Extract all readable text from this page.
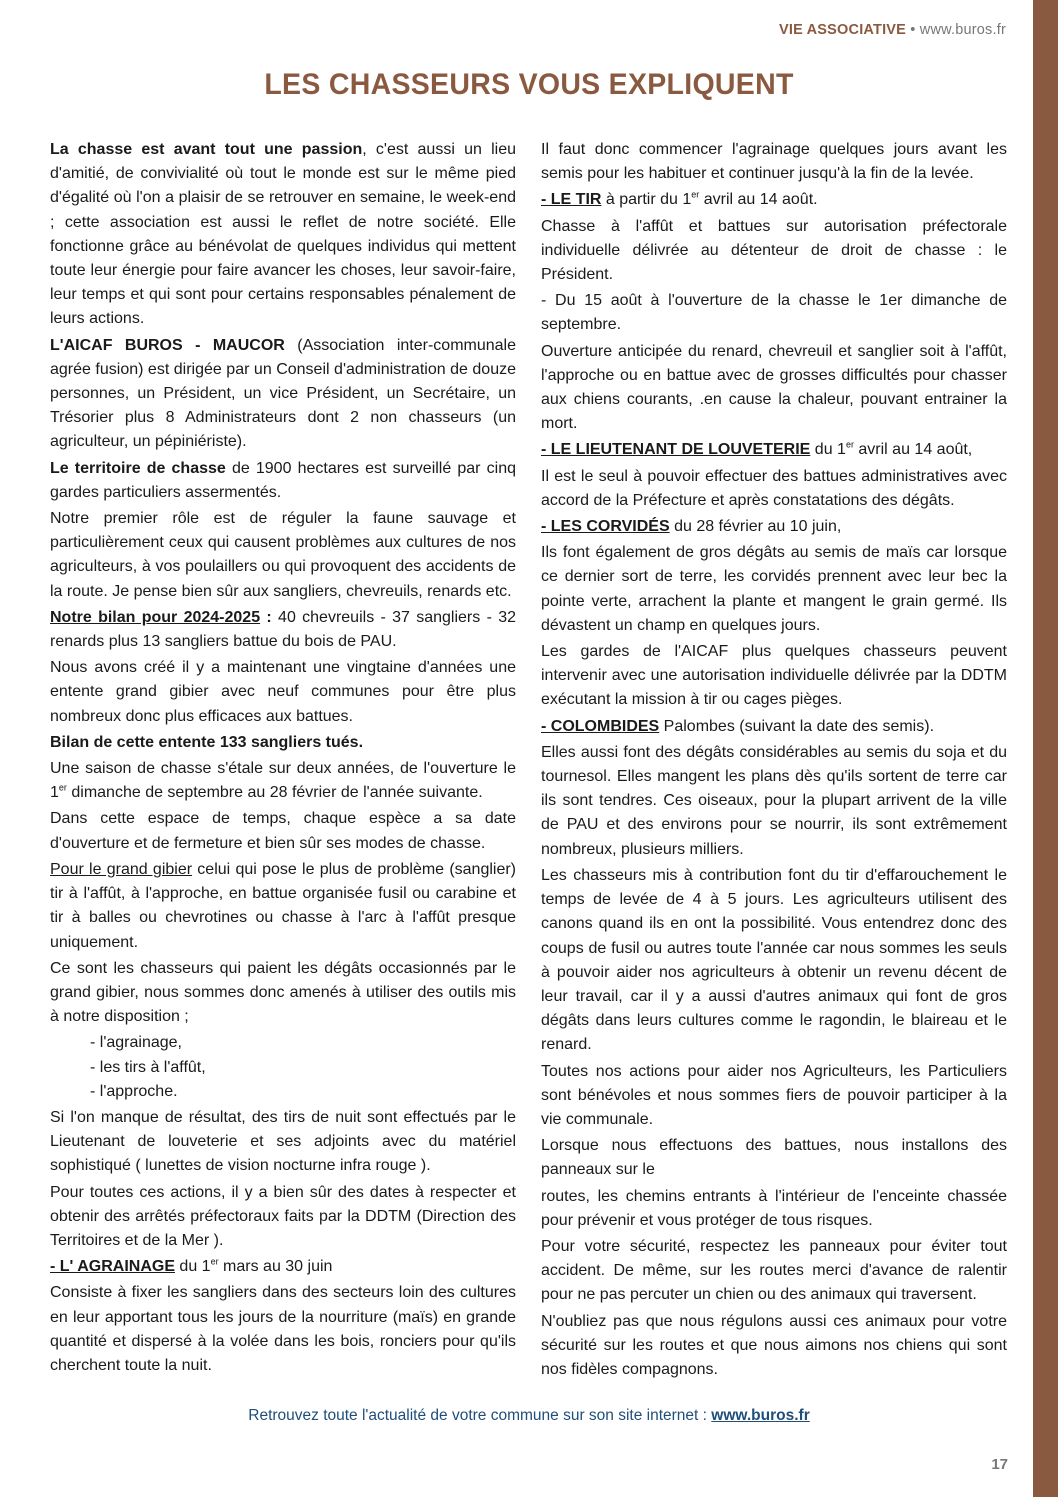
VIE ASSOCIATIVE • www.buros.fr
LES CHASSEURS VOUS EXPLIQUENT

La chasse est avant tout une passion, c'est aussi un lieu d'amitié, de convivialité où tout le monde est sur le même pied d'égalité où l'on a plaisir de se retrouver en semaine, le week-end ; cette association est aussi le reflet de notre société. Elle fonctionne grâce au bénévolat de quelques individus qui mettent toute leur énergie pour faire avancer les choses, leur savoir-faire, leur temps et qui sont pour certains responsables pénalement de leurs actions.

L'AICAF BUROS - MAUCOR (Association inter-communale agrée fusion) est dirigée par un Conseil d'administration de douze personnes, un Président, un vice Président, un Secrétaire, un Trésorier plus 8 Administrateurs dont 2 non chasseurs (un agriculteur, un pépiniériste).

Le territoire de chasse de 1900 hectares est surveillé par cinq gardes particuliers assermentés.

Notre premier rôle est de réguler la faune sauvage et particulièrement ceux qui causent problèmes aux cultures de nos agriculteurs, à vos poulaillers ou qui provoquent des accidents de la route. Je pense bien sûr aux sangliers, chevreuils, renards etc.

Notre bilan pour 2024-2025 : 40 chevreuils - 37 sangliers - 32 renards plus 13 sangliers battue du bois de PAU.

Nous avons créé il y a maintenant une vingtaine d'années une entente grand gibier avec neuf communes pour être plus nombreux donc plus efficaces aux battues.

Bilan de cette entente 133 sangliers tués.

Une saison de chasse s'étale sur deux années, de l'ouverture le 1er dimanche de septembre au 28 février de l'année suivante.

Dans cette espace de temps, chaque espèce a sa date d'ouverture et de fermeture et bien sûr ses modes de chasse.

Pour le grand gibier celui qui pose le plus de problème (sanglier) tir à l'affût, à l'approche, en battue organisée fusil ou carabine et tir à balles ou chevrotines ou chasse à l'arc à l'affût presque uniquement.

Ce sont les chasseurs qui paient les dégâts occasionnés par le grand gibier, nous sommes donc amenés à utiliser des outils mis à notre disposition ;

- l'agrainage,

- les tirs à l'affût,

- l'approche.

Si l'on manque de résultat, des tirs de nuit sont effectués par le Lieutenant de louveterie et ses adjoints avec du matériel sophistiqué ( lunettes de vision nocturne infra rouge ).

Pour toutes ces actions, il y a bien sûr des dates à respecter et obtenir des arrêtés préfectoraux faits par la DDTM (Direction des Territoires et de la Mer ).

- L' AGRAINAGE du 1er mars au 30 juin

Consiste à fixer les sangliers dans des secteurs loin des cultures en leur apportant tous les jours de la nourriture (maïs) en grande quantité et dispersé à la volée dans les bois, ronciers pour qu'ils cherchent toute la nuit.

Il faut donc commencer l'agrainage quelques jours avant les semis pour les habituer et continuer jusqu'à la fin de la levée.

- LE TIR à partir du 1er avril au 14 août.

Chasse à l'affût et battues sur autorisation préfectorale individuelle délivrée au détenteur de droit de chasse : le Président.

- Du 15 août à l'ouverture de la chasse le 1er dimanche de septembre.

Ouverture anticipée du renard, chevreuil et sanglier soit à l'affût, l'approche ou en battue avec de grosses difficultés pour chasser aux chiens courants, .en cause la chaleur, pouvant entrainer la mort.

- LE LIEUTENANT DE LOUVETERIE du 1er avril au 14 août,

Il est le seul à pouvoir effectuer des battues administratives avec accord de la Préfecture et après constatations des dégâts.

- LES CORVIDÉS du 28 février au 10 juin,

Ils font également de gros dégâts au semis de maïs car lorsque ce dernier sort de terre, les corvidés prennent avec leur bec la pointe verte, arrachent la plante et mangent le grain germé. Ils dévastent un champ en quelques jours.

Les gardes de l'AICAF plus quelques chasseurs peuvent intervenir avec une autorisation individuelle délivrée par la DDTM exécutant la mission à tir ou cages pièges.

- COLOMBIDES Palombes (suivant la date des semis).

Elles aussi font des dégâts considérables au semis du soja et du tournesol. Elles mangent les plans dès qu'ils sortent de terre car ils sont tendres. Ces oiseaux, pour la plupart arrivent de la ville de PAU et des environs pour se nourrir, ils sont extrêmement nombreux, plusieurs milliers.

Les chasseurs mis à contribution font du tir d'effarouchement le temps de levée de 4 à 5 jours. Les agriculteurs utilisent des canons quand ils en ont la possibilité. Vous entendrez donc des coups de fusil ou autres toute l'année car nous sommes les seuls à pouvoir aider nos agriculteurs à obtenir un revenu décent de leur travail, car il y a aussi d'autres animaux qui font de gros dégâts dans leurs cultures comme le ragondin, le blaireau et le renard.

Toutes nos actions pour aider nos Agriculteurs, les Particuliers sont bénévoles et nous sommes fiers de pouvoir participer à la vie communale.

Lorsque nous effectuons des battues, nous installons des panneaux sur le

routes, les chemins entrants à l'intérieur de l'enceinte chassée pour prévenir et vous protéger de tous risques.

Pour votre sécurité, respectez les panneaux pour éviter tout accident. De même, sur les routes merci d'avance de ralentir pour ne pas percuter un chien ou des animaux qui traversent.

N'oubliez pas que nous régulons aussi ces animaux pour votre sécurité sur les routes et que nous aimons nos chiens qui sont nos fidèles compagnons.

Retrouvez toute l'actualité de votre commune sur son site internet : www.buros.fr
17
